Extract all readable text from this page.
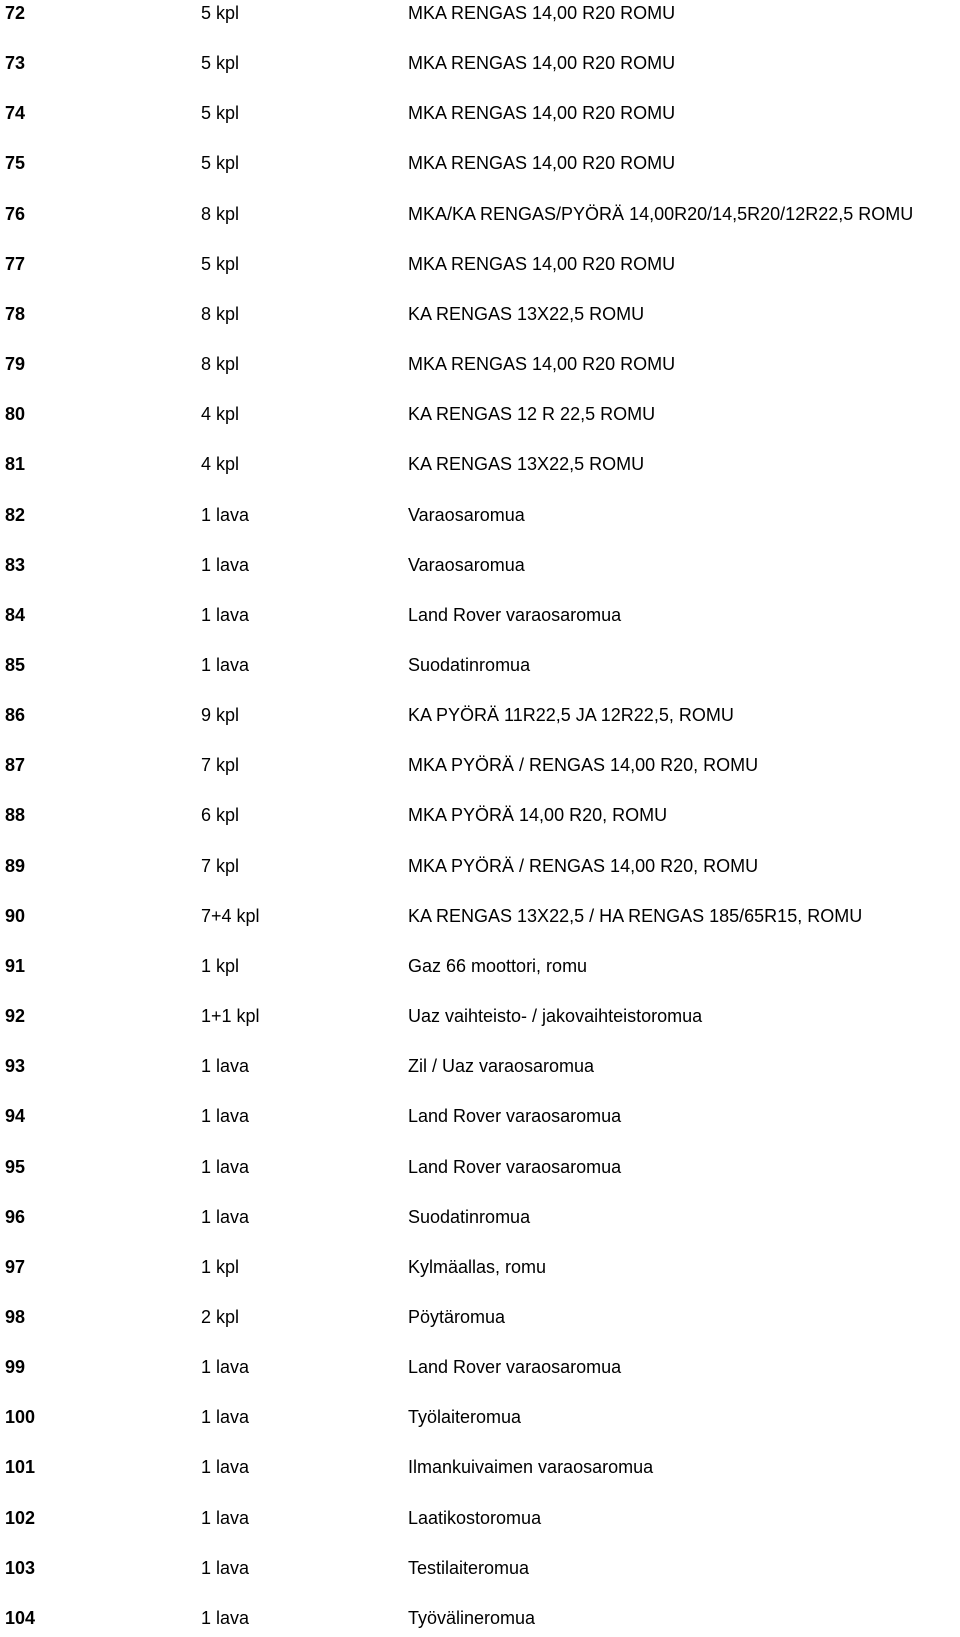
72	5 kpl	MKA RENGAS 14,00 R20 ROMU
73	5 kpl	MKA RENGAS 14,00 R20 ROMU
74	5 kpl	MKA RENGAS 14,00 R20 ROMU
75	5 kpl	MKA RENGAS 14,00 R20 ROMU
76	8 kpl	MKA/KA RENGAS/PYÖRÄ 14,00R20/14,5R20/12R22,5 ROMU
77	5 kpl	MKA RENGAS 14,00 R20 ROMU
78	8 kpl	KA RENGAS 13X22,5 ROMU
79	8 kpl	MKA RENGAS 14,00 R20 ROMU
80	4 kpl	KA RENGAS 12 R 22,5 ROMU
81	4 kpl	KA RENGAS 13X22,5 ROMU
82	1 lava	Varaosaromua
83	1 lava	Varaosaromua
84	1 lava	Land Rover varaosaromua
85	1 lava	Suodatinromua
86	9 kpl	KA PYÖRÄ 11R22,5 JA 12R22,5, ROMU
87	7 kpl	MKA PYÖRÄ / RENGAS 14,00 R20, ROMU
88	6 kpl	MKA PYÖRÄ 14,00 R20, ROMU
89	7 kpl	MKA PYÖRÄ / RENGAS 14,00 R20, ROMU
90	7+4 kpl	KA RENGAS 13X22,5 / HA RENGAS 185/65R15, ROMU
91	1 kpl	Gaz 66 moottori, romu
92	1+1 kpl	Uaz vaihteisto- / jakovaihteistoromua
93	1 lava	Zil / Uaz varaosaromua
94	1 lava	Land Rover varaosaromua
95	1 lava	Land Rover varaosaromua
96	1 lava	Suodatinromua
97	1 kpl	Kylmäallas, romu
98	2 kpl	Pöytäromua
99	1 lava	Land Rover varaosaromua
100	1 lava	Työlaiteromua
101	1 lava	Ilmankuivaimen varaosaromua
102	1 lava	Laatikostoromua
103	1 lava	Testilaiteromua
104	1 lava	Työvälineromua
